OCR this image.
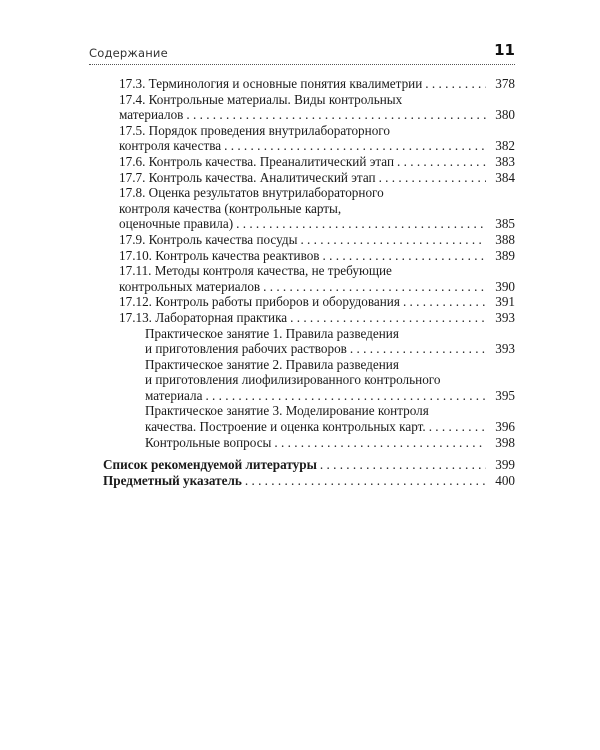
Содержание	11
17.3. Терминология и основные понятия квалиметрии . . .	378
17.4. Контрольные материалы. Виды контрольных
материалов . . .	380
17.5. Порядок проведения внутрилабораторного
контроля качества . . .	382
17.6. Контроль качества. Преаналитический этап . . .	383
17.7. Контроль качества. Аналитический этап . . .	384
17.8. Оценка результатов внутрилабораторного
контроля качества (контрольные карты,
оценочные правила) . . .	385
17.9. Контроль качества посуды . . .	388
17.10. Контроль качества реактивов . . .	389
17.11. Методы контроля качества, не требующие
контрольных материалов . . .	390
17.12. Контроль работы приборов и оборудования . . .	391
17.13. Лабораторная практика . . .	393
Практическое занятие 1. Правила разведения
и приготовления рабочих растворов . . .	393
Практическое занятие 2. Правила разведения
и приготовления лиофилизированного контрольного
материала . . .	395
Практическое занятие 3. Моделирование контроля
качества. Построение и оценка контрольных карт. . . .	396
Контрольные вопросы . . .	398
Список рекомендуемой литературы . . .	399
Предметный указатель . . .	400
